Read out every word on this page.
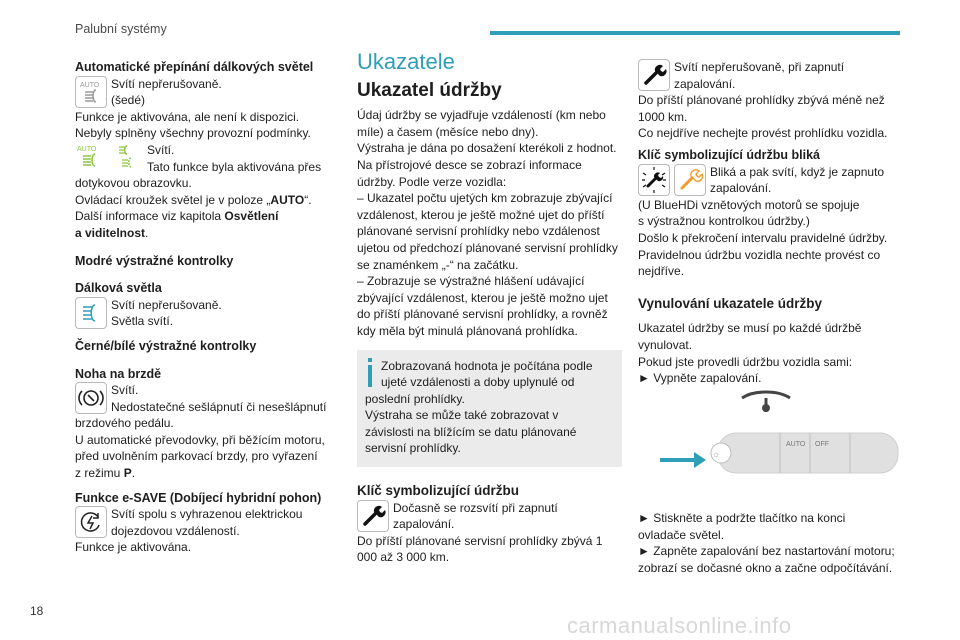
Palubní systémy

Automatické přepínání dálkových světel

AUTO Svítí nepřerušovaně.

(šedé)

Funkce je aktivována, ale není k dispozici.

Nebyly splněny všechny provozní podmínky.

AUTO	Svítí.

Tato funkce byla aktivována přes

dotykovou obrazovku.

Ovládací kroužek světel je v poloze „AUTO“.

Další informace viz kapitola Osvětlení

a viditelnost.

Modré výstražné kontrolky

Dálková světla

Svítí nepřerušovaně.

Světla svítí.

Černé/bílé výstražné kontrolky

Noha na brzdě

Svítí.

Nedostatečné sešlápnutí či nesešlápnutí

brzdového pedálu.

U automatické převodovky, při běžícím motoru,

před uvolněním parkovací brzdy, pro vyřazení

z režimu P.

Funkce e-SAVE (Dobíjecí hybridní pohon)

Svítí spolu s vyhrazenou elektrickou

dojezdovou vzdáleností.

Funkce je aktivována.

Ukazatele

Ukazatel údržby

Údaj údržby se vyjadřuje vzdáleností (km nebo

míle) a časem (měsíce nebo dny).

Výstraha je dána po dosažení kterékoli z hodnot.

Na přístrojové desce se zobrazí informace

údržby. Podle verze vozidla:

– Ukazatel počtu ujetých km zobrazuje zbývající

vzdálenost, kterou je ještě možné ujet do příští

plánované servisní prohlídky nebo vzdálenost

ujetou od předchozí plánované servisní prohlídky

se znaménkem „-“ na začátku.

– Zobrazuje se výstražné hlášení udávající

zbývající vzdálenost, kterou je ještě možno ujet

do příští plánované servisní prohlídky, a rovněž

kdy měla být minulá plánovaná prohlídka.

Zobrazovaná hodnota je počítána podle

ujeté vzdálenosti a doby uplynulé od

poslední prohlídky.

Výstraha se může také zobrazovat v

závislosti na blížícím se datu plánované

servisní prohlídky.

Klíč symbolizující údržbu

Dočasně se rozsvítí při zapnutí

zapalování.

Do příští plánované servisní prohlídky zbývá 1

000 až 3 000 km.

Svítí nepřerušovaně, při zapnutí

zapalování.

Do příští plánované prohlídky zbývá méně než

1000 km.

Co nejdříve nechejte provést prohlídku vozidla.

Klíč symbolizující údržbu bliká

Bliká a pak svítí, když je zapnuto

zapalování.

(U BlueHDi vznětových motorů se spojuje

s výstražnou kontrolkou údržby.)

Došlo k překročení intervalu pravidelné údržby.

Pravidelnou údržbu vozidla nechte provést co

nejdříve.

Vynulování ukazatele údržby

Ukazatel údržby se musí po každé údržbě

vynulovat.

Pokud jste provedli údržbu vozidla sami:

► Vypněte zapalování.

☼
AUTO OFF

► Stiskněte a podržte tlačítko na konci

ovladače světel.

► Zapněte zapalování bez nastartování motoru;

zobrazí se dočasné okno a začne odpočítávání.

18
carmanualsonline.info
